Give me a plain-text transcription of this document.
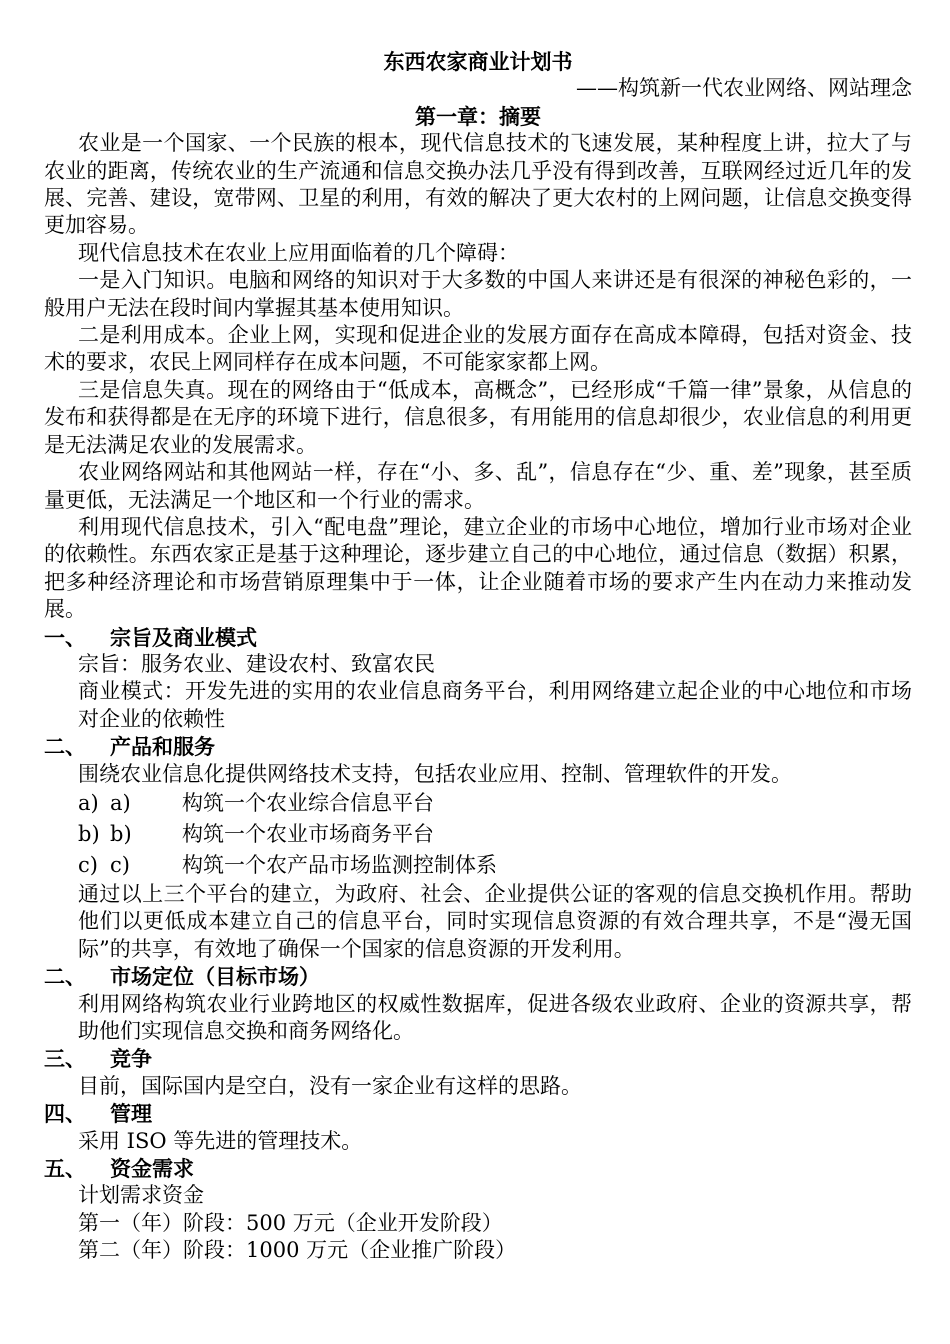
东西农家商业计划书
——构筑新一代农业网络、网站理念
第一章：摘要

农业是一个国家、一个民族的根本，现代信息技术的飞速发展，某种程度上讲，拉大了与农业的距离，传统农业的生产流通和信息交换办法几乎没有得到改善，互联网经过近几年的发展、完善、建设，宽带网、卫星的利用，有效的解决了更大农村的上网问题，让信息交换变得更加容易。

现代信息技术在农业上应用面临着的几个障碍：

一是入门知识。电脑和网络的知识对于大多数的中国人来讲还是有很深的神秘色彩的，一般用户无法在段时间内掌握其基本使用知识。

二是利用成本。企业上网，实现和促进企业的发展方面存在高成本障碍，包括对资金、技术的要求，农民上网同样存在成本问题，不可能家家都上网。

三是信息失真。现在的网络由于“低成本，高概念”，已经形成“千篇一律”景象，从信息的发布和获得都是在无序的环境下进行，信息很多，有用能用的信息却很少，农业信息的利用更是无法满足农业的发展需求。

农业网络网站和其他网站一样，存在“小、多、乱”，信息存在“少、重、差”现象，甚至质量更低，无法满足一个地区和一个行业的需求。

利用现代信息技术，引入“配电盘”理论，建立企业的市场中心地位，增加行业市场对企业的依赖性。东西农家正是基于这种理论，逐步建立自己的中心地位，通过信息（数据）积累，把多种经济理论和市场营销原理集中于一体，让企业随着市场的要求产生内在动力来推动发展。

一、	宗旨及商业模式
宗旨：服务农业、建设农村、致富农民
商业模式：开发先进的实用的农业信息商务平台，利用网络建立起企业的中心地位和市场对企业的依赖性
二、	产品和服务
围绕农业信息化提供网络技术支持，包括农业应用、控制、管理软件的开发。
a) a)	构筑一个农业综合信息平台
b) b)	构筑一个农业市场商务平台
c) c)	构筑一个农产品市场监测控制体系
通过以上三个平台的建立，为政府、社会、企业提供公证的客观的信息交换机作用。帮助他们以更低成本建立自己的信息平台，同时实现信息资源的有效合理共享，不是“漫无国际”的共享，有效地了确保一个国家的信息资源的开发利用。
二、	市场定位（目标市场）
利用网络构筑农业行业跨地区的权威性数据库，促进各级农业政府、企业的资源共享，帮助他们实现信息交换和商务网络化。
三、	竞争
目前，国际国内是空白，没有一家企业有这样的思路。
四、	管理
采用 ISO 等先进的管理技术。
五、	资金需求
计划需求资金
第一（年）阶段：500 万元（企业开发阶段）
第二（年）阶段：1000 万元（企业推广阶段）
